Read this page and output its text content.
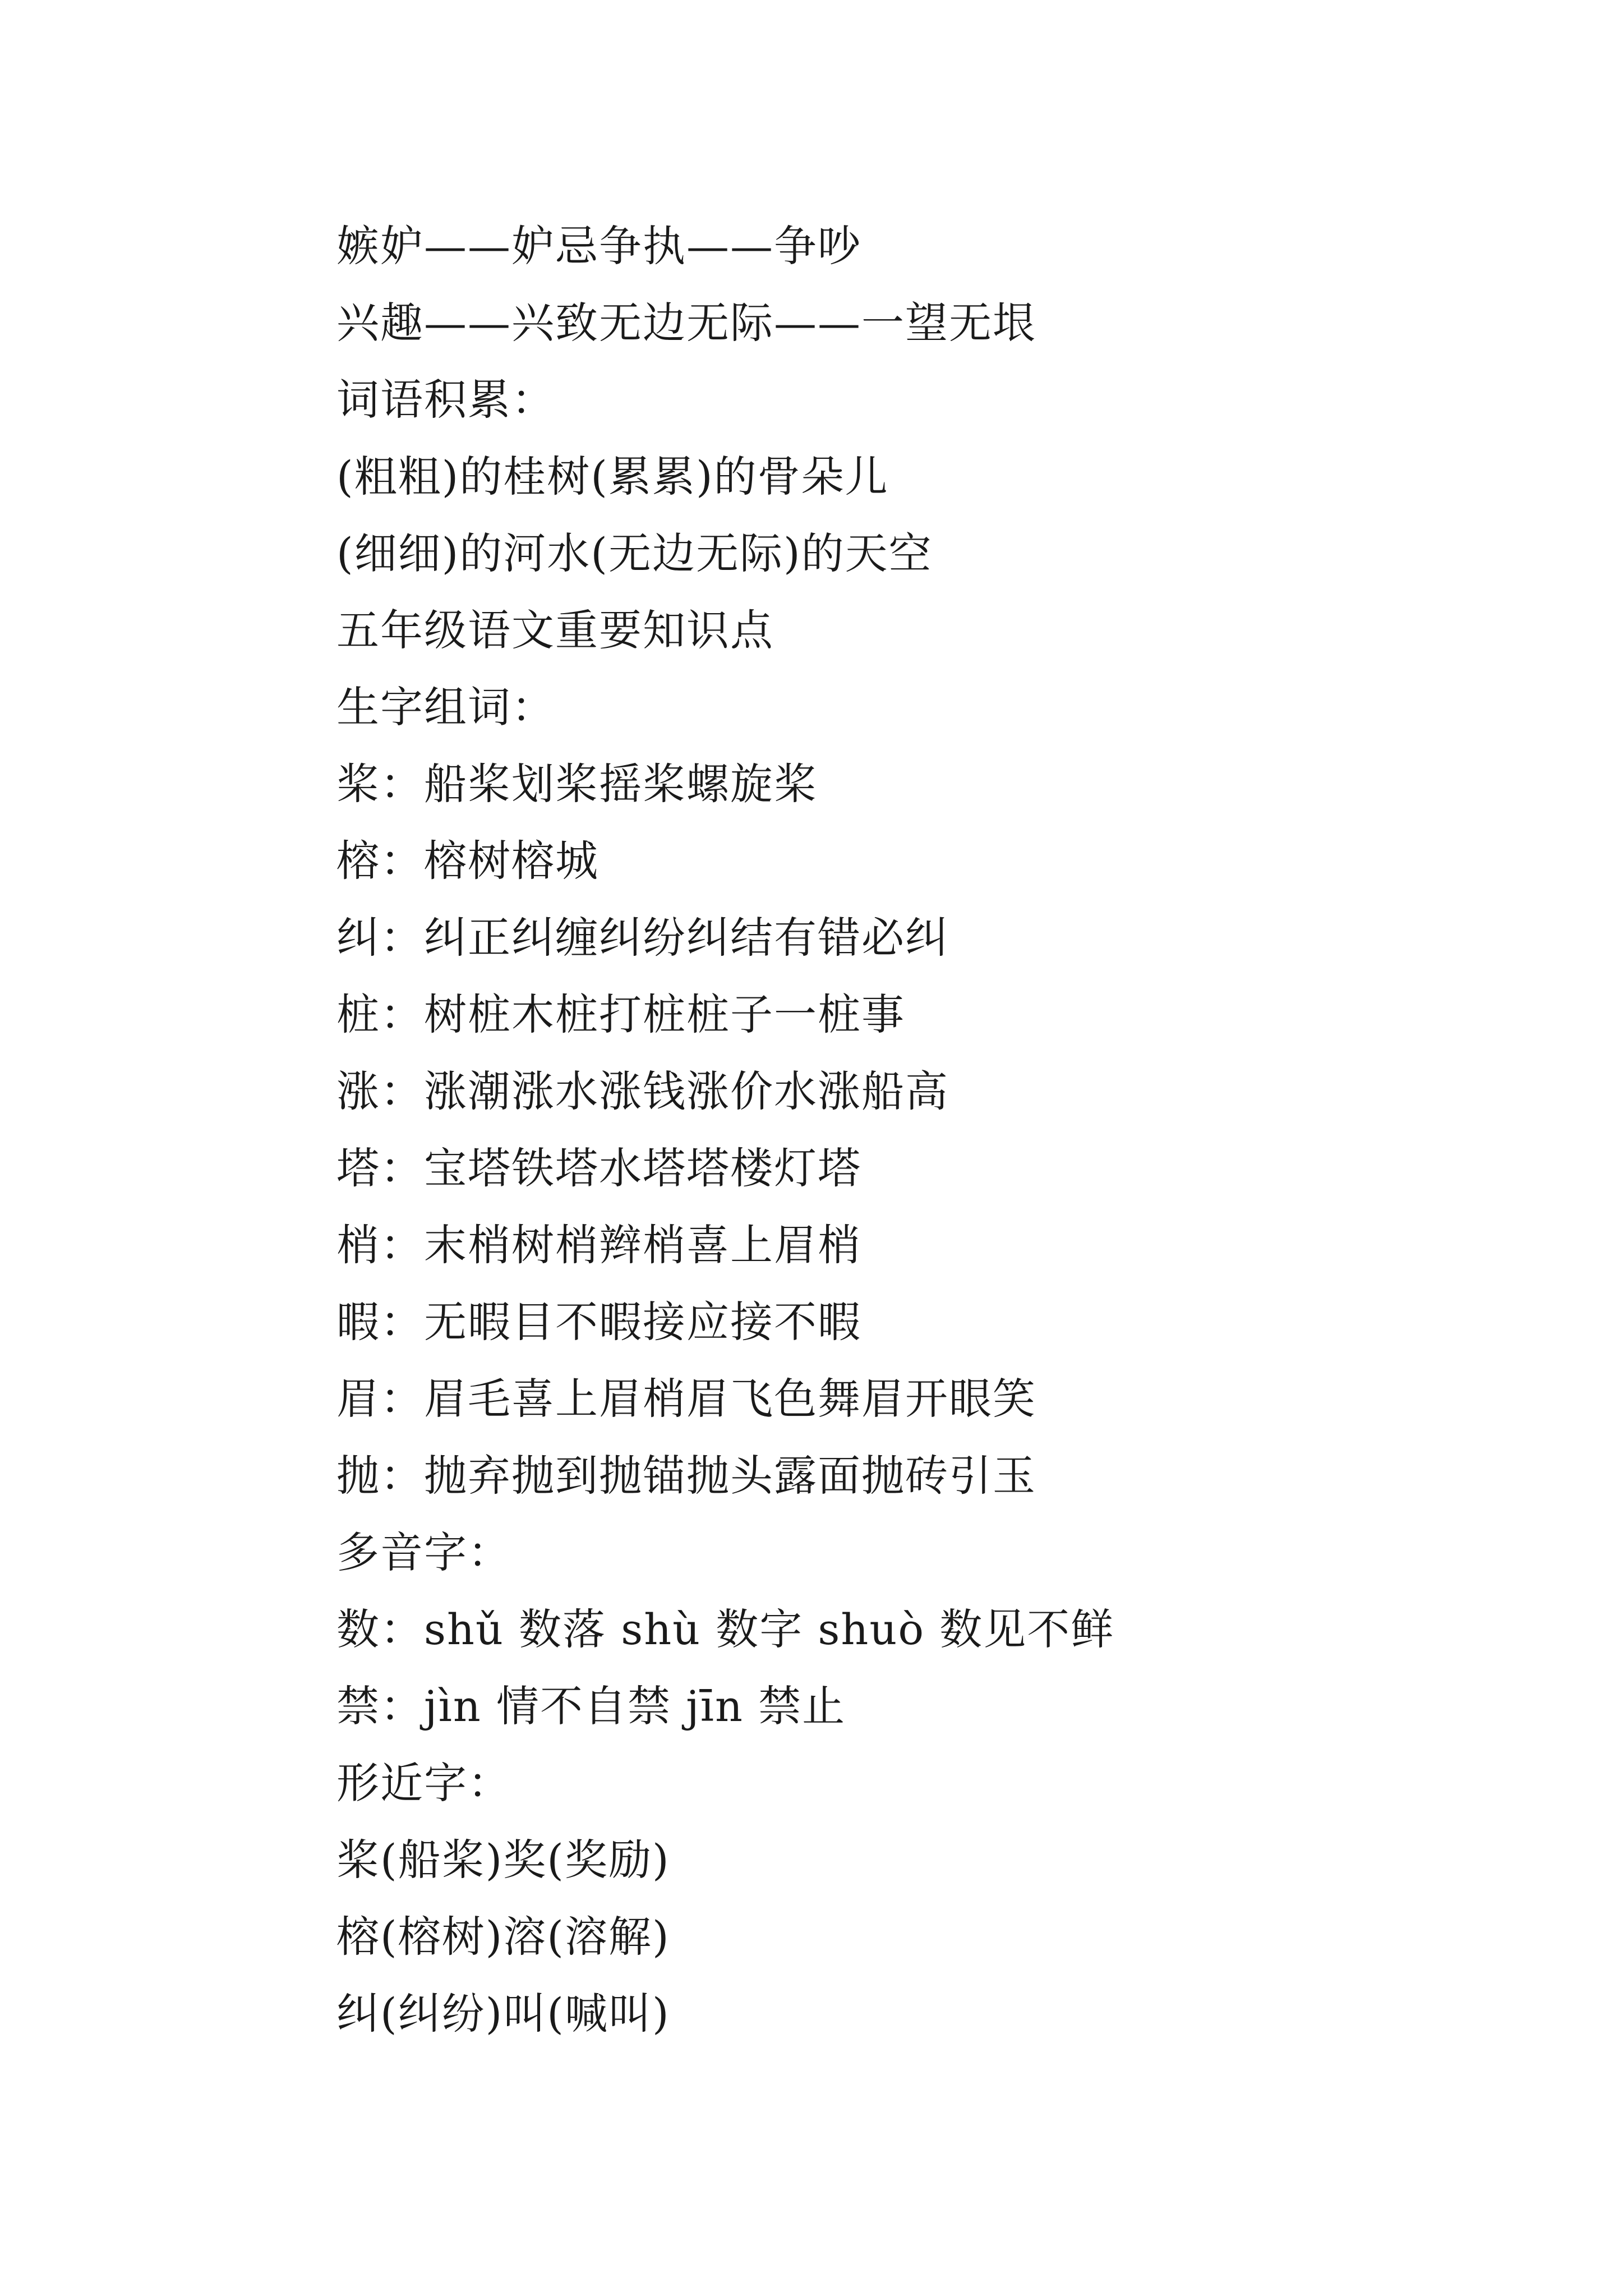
嫉妒——妒忌争执——争吵
兴趣——兴致无边无际——一望无垠
词语积累：
(粗粗)的桂树(累累)的骨朵儿
(细细)的河水(无边无际)的天空
五年级语文重要知识点
生字组词：
桨：船桨划桨摇桨螺旋桨
榕：榕树榕城
纠：纠正纠缠纠纷纠结有错必纠
桩：树桩木桩打桩桩子一桩事
涨：涨潮涨水涨钱涨价水涨船高
塔：宝塔铁塔水塔塔楼灯塔
梢：末梢树梢辫梢喜上眉梢
暇：无暇目不暇接应接不暇
眉：眉毛喜上眉梢眉飞色舞眉开眼笑
抛：抛弃抛到抛锚抛头露面抛砖引玉
多音字：
数：shǔ 数落 shù 数字 shuò 数见不鲜
禁：jìn 情不自禁 jīn 禁止
形近字：
桨(船桨)奖(奖励)
榕(榕树)溶(溶解)
纠(纠纷)叫(喊叫)
